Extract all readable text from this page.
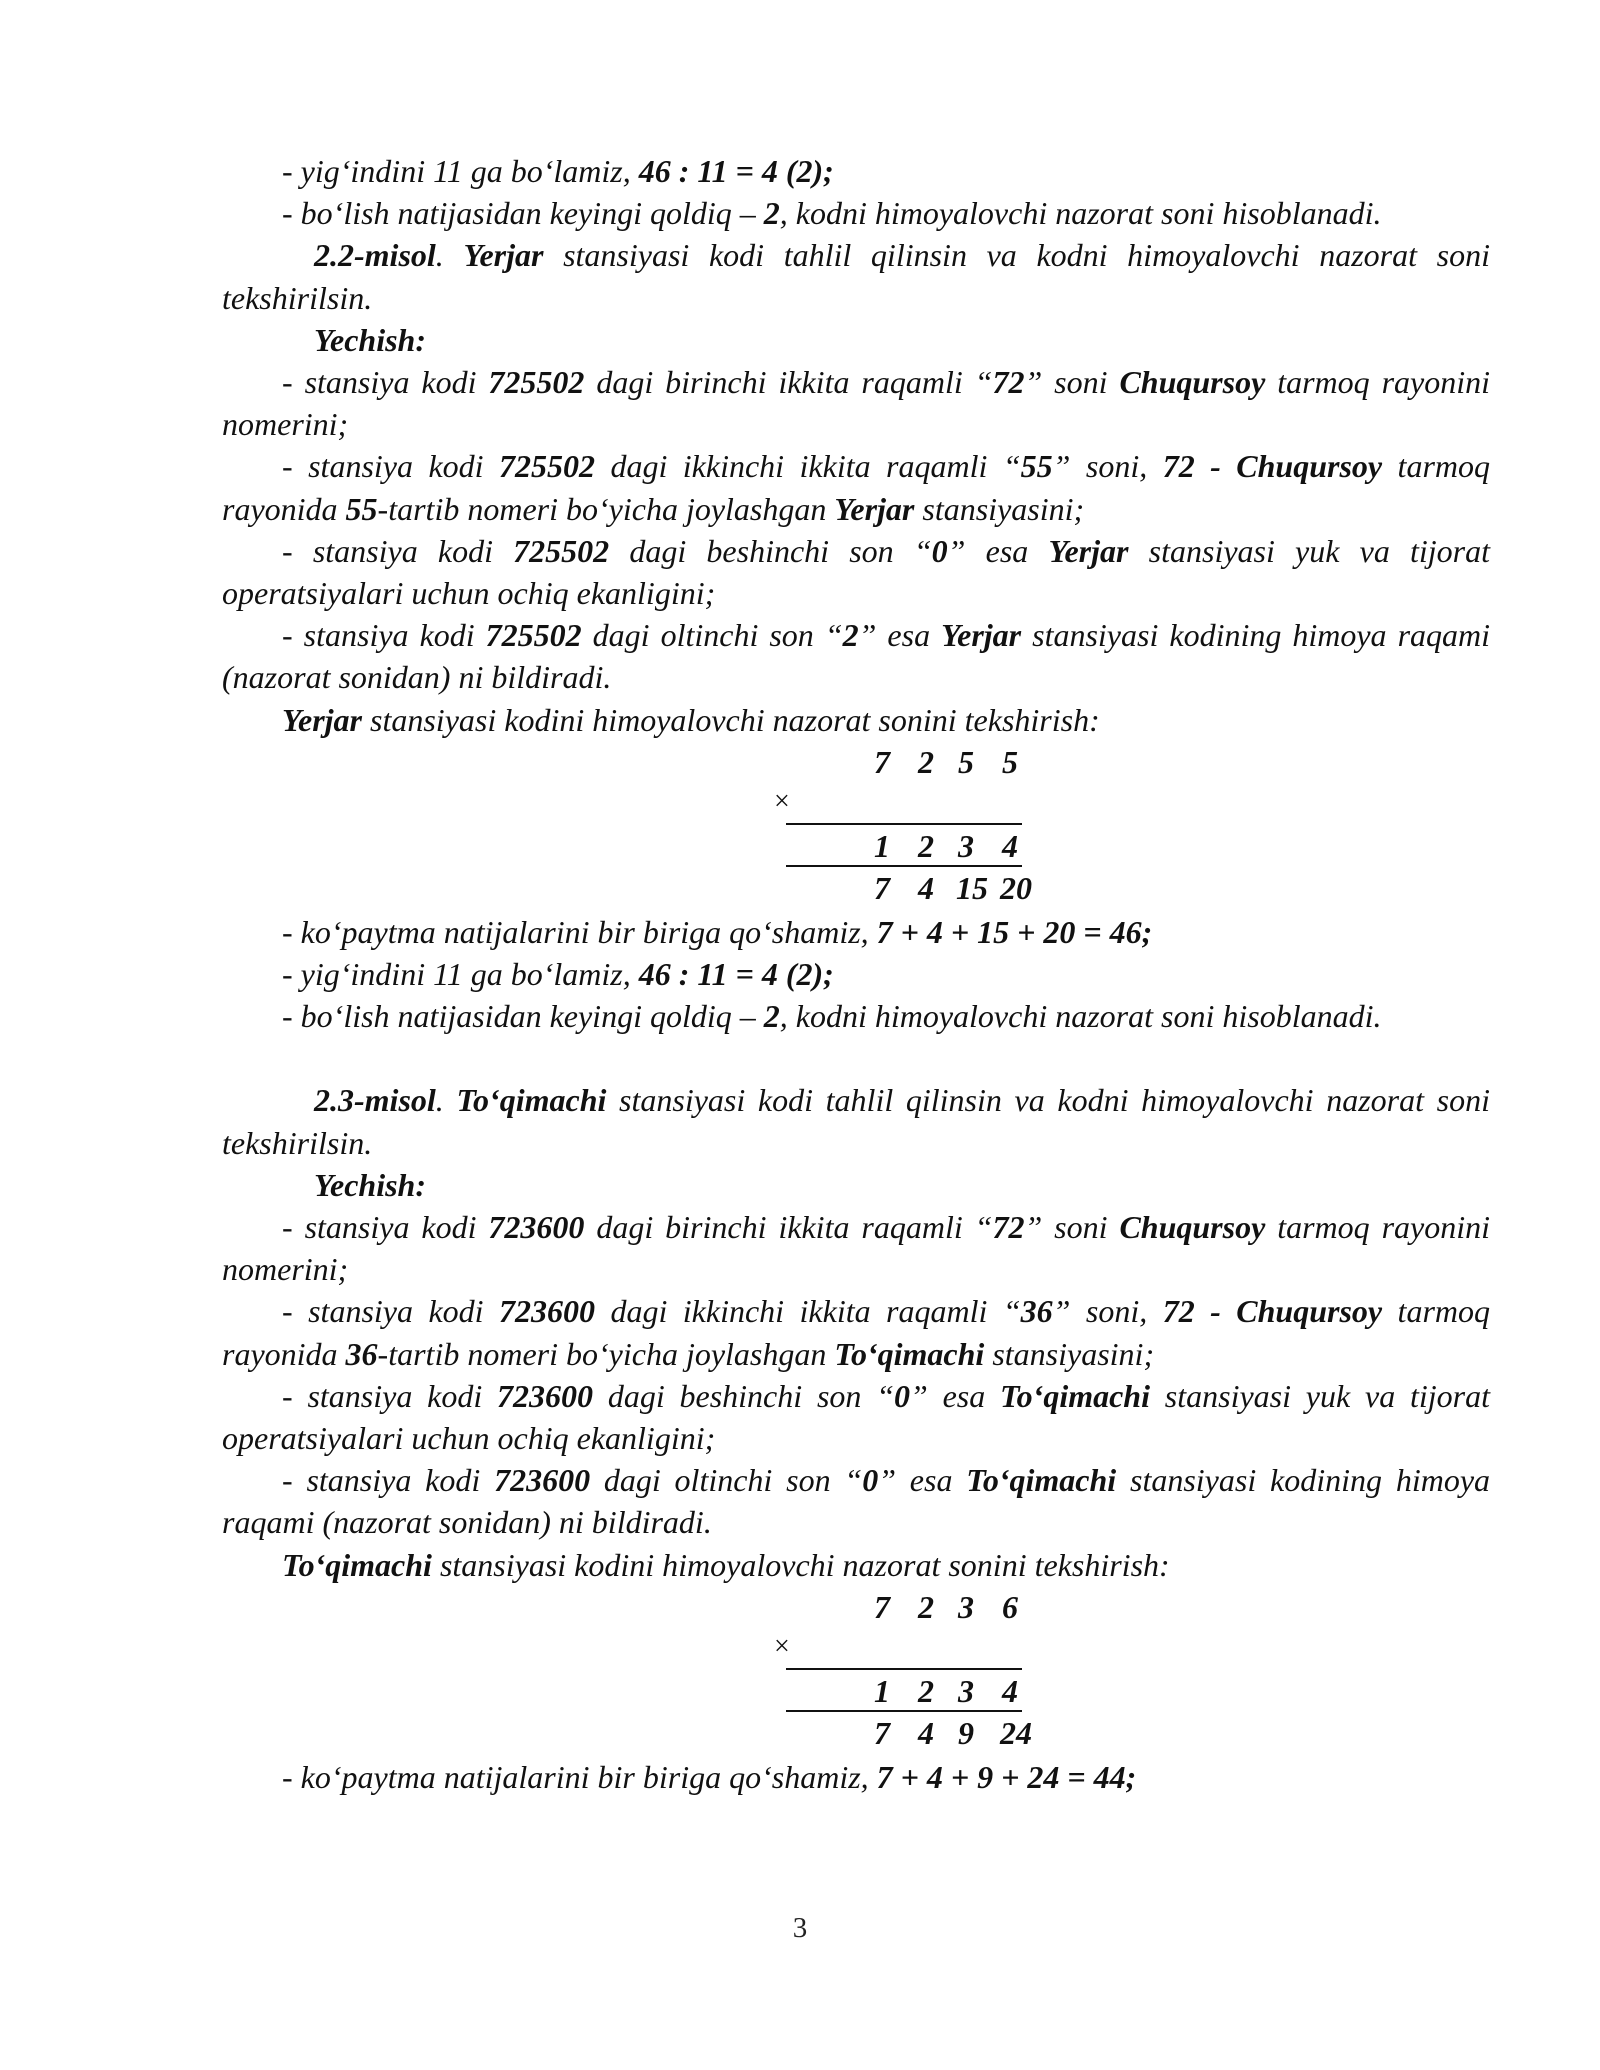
- yig‘indini 11 ga bo‘lamiz, 46 : 11 = 4 (2);

- bo‘lish natijasidan keyingi qoldiq – 2, kodni himoyalovchi nazorat soni hisoblanadi.

2.2-misol. Yerjar stansiyasi kodi tahlil qilinsin va kodni himoyalovchi nazorat soni tekshirilsin.

Yechish:

- stansiya kodi 725502 dagi birinchi ikkita raqamli “72” soni Chuqursoy tarmoq rayonini nomerini;

- stansiya kodi 725502 dagi ikkinchi ikkita raqamli “55” soni, 72 - Chuqursoy tarmoq rayonida 55-tartib nomeri bo‘yicha joylashgan Yerjar stansiyasini;

- stansiya kodi 725502 dagi beshinchi son “0” esa Yerjar stansiyasi yuk va tijorat operatsiyalari uchun ochiq ekanligini;

- stansiya kodi 725502 dagi oltinchi son “2” esa Yerjar stansiyasi kodining himoya raqami (nazorat sonidan) ni bildiradi.

Yerjar stansiyasi kodini himoyalovchi nazorat sonini tekshirish:

7 2 5 5
×
1 2 3 4
7 4 15 20

- ko‘paytma natijalarini bir biriga qo‘shamiz, 7 + 4 + 15 + 20 = 46;

- yig‘indini 11 ga bo‘lamiz, 46 : 11 = 4 (2);

- bo‘lish natijasidan keyingi qoldiq – 2, kodni himoyalovchi nazorat soni hisoblanadi.

2.3-misol. To‘qimachi stansiyasi kodi tahlil qilinsin va kodni himoyalovchi nazorat soni tekshirilsin.

Yechish:

- stansiya kodi 723600 dagi birinchi ikkita raqamli “72” soni Chuqursoy tarmoq rayonini nomerini;

- stansiya kodi 723600 dagi ikkinchi ikkita raqamli “36” soni, 72 - Chuqursoy tarmoq rayonida 36-tartib nomeri bo‘yicha joylashgan To‘qimachi stansiyasini;

- stansiya kodi 723600 dagi beshinchi son “0” esa To‘qimachi stansiyasi yuk va tijorat operatsiyalari uchun ochiq ekanligini;

- stansiya kodi 723600 dagi oltinchi son “0” esa To‘qimachi stansiyasi kodining himoya raqami (nazorat sonidan) ni bildiradi.

To‘qimachi stansiyasi kodini himoyalovchi nazorat sonini tekshirish:

7 2 3 6
×
1 2 3 4
7 4 9 24

- ko‘paytma natijalarini bir biriga qo‘shamiz, 7 + 4 + 9 + 24 = 44;

3
